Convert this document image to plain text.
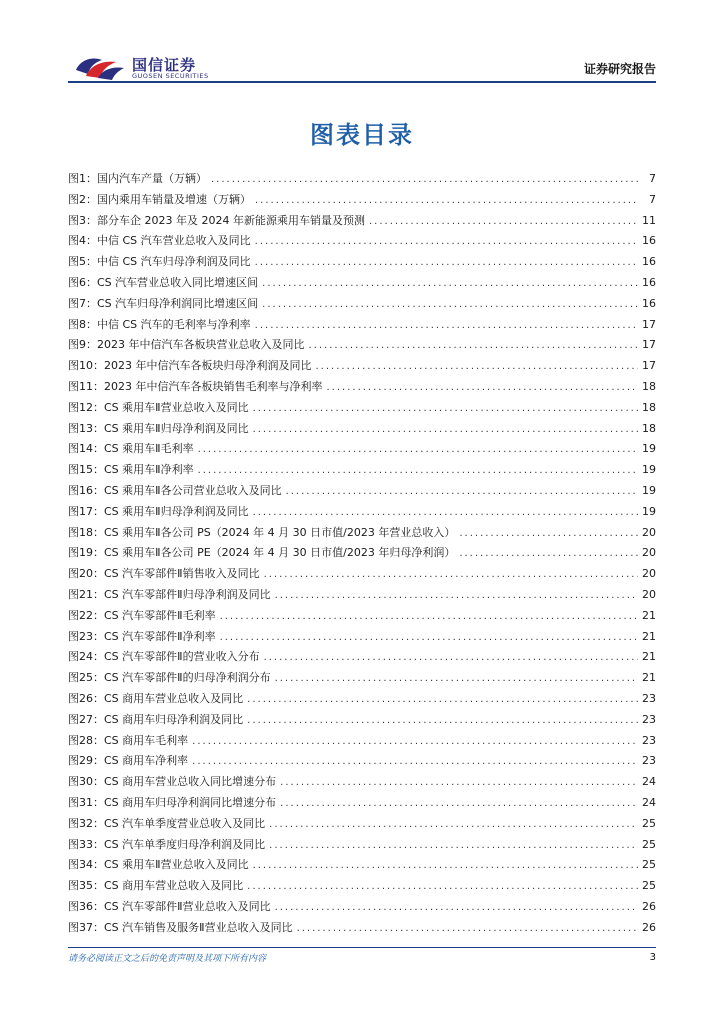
国信证券
GUOSEN SECURITIES	证券研究报告
图表目录
图1： 国内汽车产量（万辆） .....	7
图2： 国内乘用车销量及增速（万辆） .....	7
图3： 部分车企 2023 年及 2024 年新能源乘用车销量及预测 .....	11
图4： 中信 CS 汽车营业总收入及同比 .....	16
图5： 中信 CS 汽车归母净利润及同比 .....	16
图6： CS 汽车营业总收入同比增速区间 .....	16
图7： CS 汽车归母净利润同比增速区间 .....	16
图8： 中信 CS 汽车的毛利率与净利率 .....	17
图9： 2023 年中信汽车各板块营业总收入及同比 .....	17
图10： 2023 年中信汽车各板块归母净利润及同比 .....	17
图11： 2023 年中信汽车各板块销售毛利率与净利率 .....	18
图12： CS 乘用车Ⅱ营业总收入及同比 .....	18
图13： CS 乘用车Ⅱ归母净利润及同比 .....	18
图14： CS 乘用车Ⅱ毛利率 .....	19
图15： CS 乘用车Ⅱ净利率 .....	19
图16： CS 乘用车Ⅱ各公司营业总收入及同比 .....	19
图17： CS 乘用车Ⅱ归母净利润及同比 .....	19
图18： CS 乘用车Ⅱ各公司 PS（2024 年 4 月 30 日市值/2023 年营业总收入） .....	20
图19： CS 乘用车Ⅱ各公司 PE（2024 年 4 月 30 日市值/2023 年归母净利润） .....	20
图20： CS 汽车零部件Ⅱ销售收入及同比 .....	20
图21： CS 汽车零部件Ⅱ归母净利润及同比 .....	20
图22： CS 汽车零部件Ⅱ毛利率 .....	21
图23： CS 汽车零部件Ⅱ净利率 .....	21
图24： CS 汽车零部件Ⅱ的营业收入分布 .....	21
图25： CS 汽车零部件Ⅱ的归母净利润分布 .....	21
图26： CS 商用车营业总收入及同比 .....	23
图27： CS 商用车归母净利润及同比 .....	23
图28： CS 商用车毛利率 .....	23
图29： CS 商用车净利率 .....	23
图30： CS 商用车营业总收入同比增速分布 .....	24
图31： CS 商用车归母净利润同比增速分布 .....	24
图32： CS 汽车单季度营业总收入及同比 .....	25
图33： CS 汽车单季度归母净利润及同比 .....	25
图34： CS 乘用车Ⅱ营业总收入及同比 .....	25
图35： CS 商用车营业总收入及同比 .....	25
图36： CS 汽车零部件Ⅱ营业总收入及同比 .....	26
图37： CS 汽车销售及服务Ⅱ营业总收入及同比 .....	26
请务必阅读正文之后的免责声明及其项下所有内容	3
